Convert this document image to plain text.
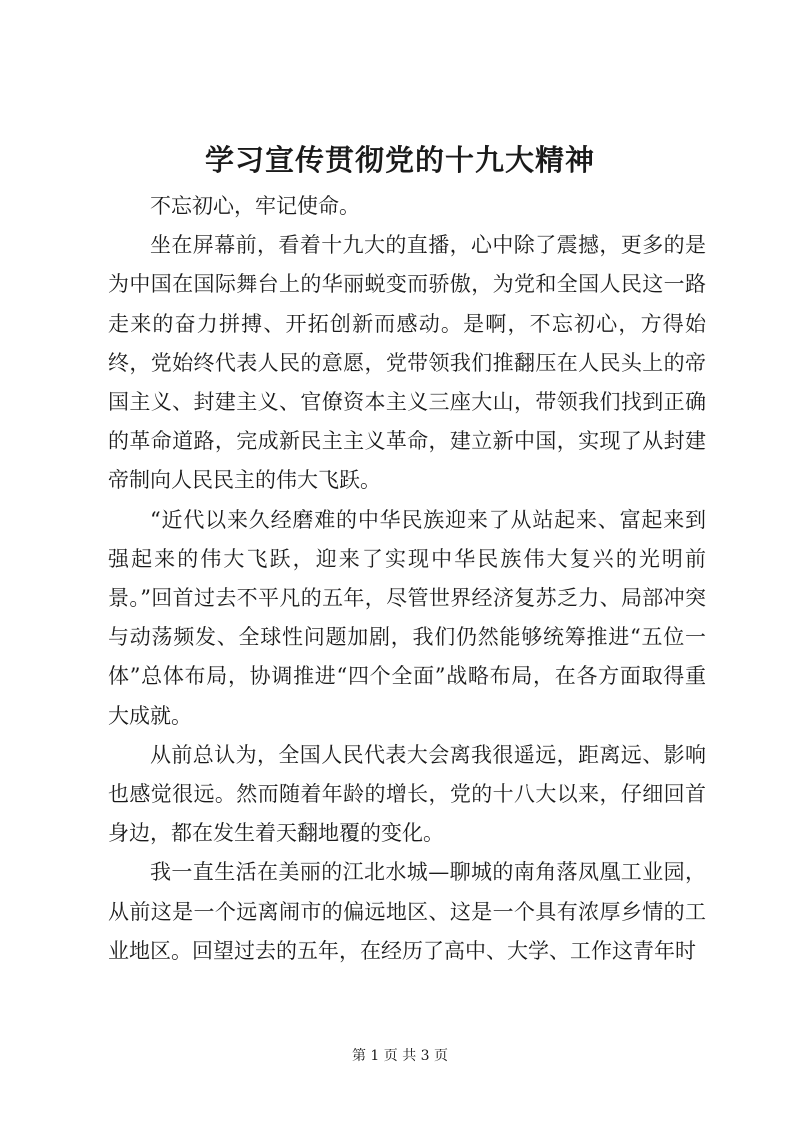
学习宣传贯彻党的十九大精神

不忘初心，牢记使命。

坐在屏幕前，看着十九大的直播，心中除了震撼，更多的是为中国在国际舞台上的华丽蜕变而骄傲，为党和全国人民这一路走来的奋力拼搏、开拓创新而感动。是啊，不忘初心，方得始终，党始终代表人民的意愿，党带领我们推翻压在人民头上的帝国主义、封建主义、官僚资本主义三座大山，带领我们找到正确的革命道路，完成新民主主义革命，建立新中国，实现了从封建帝制向人民民主的伟大飞跃。

“近代以来久经磨难的中华民族迎来了从站起来、富起来到强起来的伟大飞跃，迎来了实现中华民族伟大复兴的光明前景。”回首过去不平凡的五年，尽管世界经济复苏乏力、局部冲突与动荡频发、全球性问题加剧，我们仍然能够统筹推进“五位一体”总体布局，协调推进“四个全面”战略布局，在各方面取得重大成就。

从前总认为，全国人民代表大会离我很遥远，距离远、影响也感觉很远。然而随着年龄的增长，党的十八大以来，仔细回首身边，都在发生着天翻地覆的变化。

我一直生活在美丽的江北水城—聊城的南角落凤凰工业园，从前这是一个远离闹市的偏远地区、这是一个具有浓厚乡情的工业地区。回望过去的五年，在经历了高中、大学、工作这青年时

第 1 页 共 3 页
